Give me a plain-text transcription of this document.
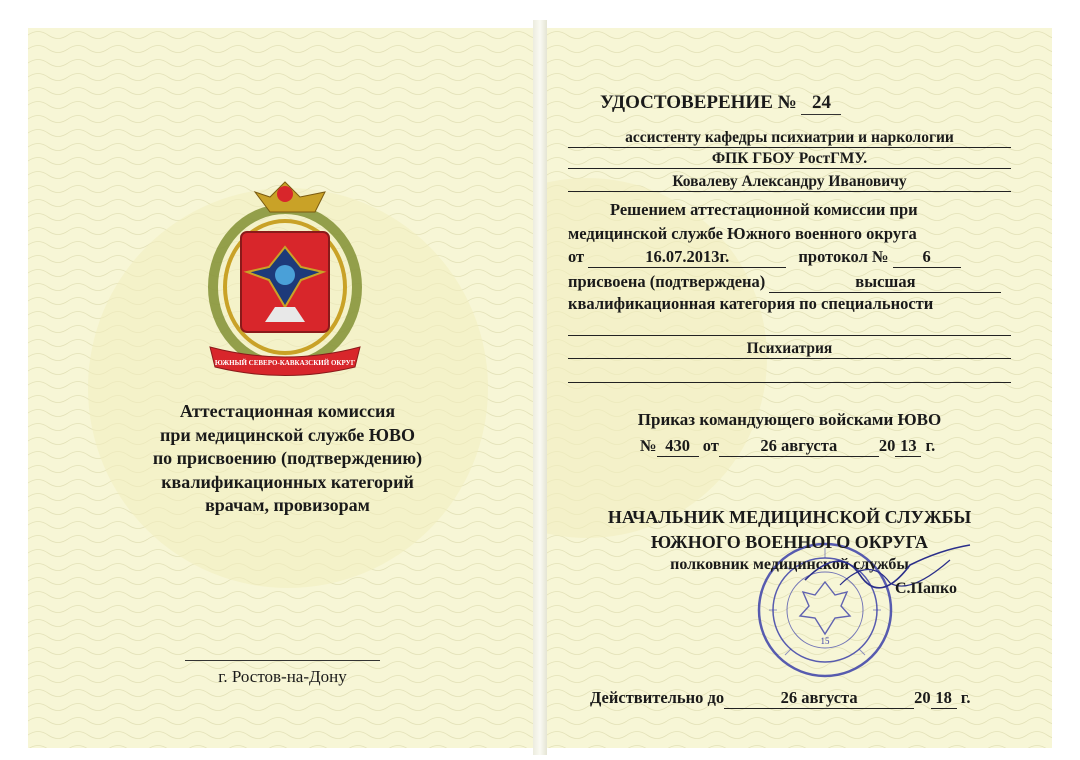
ЮЖНЫЙ СЕВЕРО-КАВКАЗСКИЙ ОКРУГ
Аттестационная комиссия
при медицинской службе ЮВО
по присвоению (подтверждению)
квалификационных категорий
врачам, провизорам
г. Ростов-на-Дону
УДОСТОВЕРЕНИЕ № 24
ассистенту кафедры психиатрии и наркологии
ФПК ГБОУ РостГМУ.
Ковалеву Александру Ивановичу
Решением аттестационной комиссии при
медицинской службе Южного военного округа
от	16.07.2013г.	протокол № 6
присвоена (подтверждена)	высшая
квалификационная категория по специальности
Психиатрия
Приказ командующего войсками ЮВО
№ 430 от	26 августа	20 13 г.
15
НАЧАЛЬНИК МЕДИЦИНСКОЙ СЛУЖБЫ
ЮЖНОГО ВОЕННОГО ОКРУГА
полковник медицинской службы
С.Папко
Действительно до	26 августа	20 18 г.
